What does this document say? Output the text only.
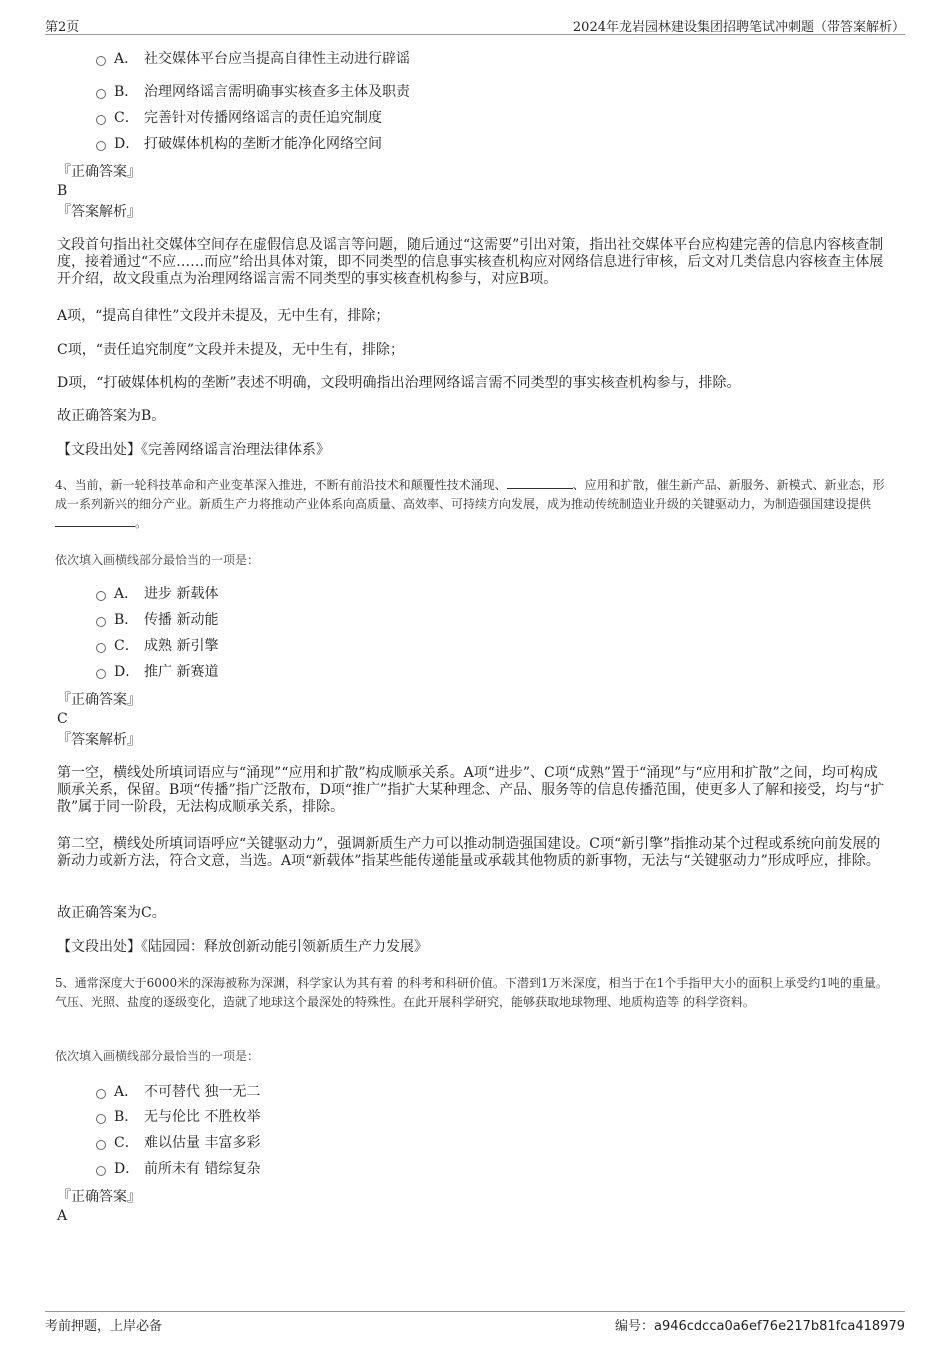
第2页	2024年龙岩园林建设集团招聘笔试冲刺题（带答案解析）
A． 社交媒体平台应当提高自律性主动进行辟谣
B． 治理网络谣言需明确事实核查多主体及职责
C． 完善针对传播网络谣言的责任追究制度
D． 打破媒体机构的垄断才能净化网络空间
『正确答案』
B
『答案解析』
文段首句指出社交媒体空间存在虚假信息及谣言等问题，随后通过“这需要”引出对策，指出社交媒体平台应构建完善的信息内容核查制度，接着通过“不应……而应”给出具体对策，即不同类型的信息事实核查机构应对网络信息进行审核，后文对几类信息内容核查主体展开介绍，故文段重点为治理网络谣言需不同类型的事实核查机构参与，对应B项。
A项，“提高自律性”文段并未提及，无中生有，排除；
C项，“责任追究制度”文段并未提及，无中生有，排除；
D项，“打破媒体机构的垄断”表述不明确，文段明确指出治理网络谣言需不同类型的事实核查机构参与，排除。
故正确答案为B。
【文段出处】《完善网络谣言治理法律体系》
4、当前，新一轮科技革命和产业变革深入推进，不断有前沿技术和颠覆性技术涌现、	、应用和扩散，催生新产品、新服务、新模式、新业态，形成一系列新兴的细分产业。新质生产力将推动产业体系向高质量、高效率、可持续方向发展，成为推动传统制造业升级的关键驱动力，为制造强国建设提供。
依次填入画横线部分最恰当的一项是：
A． 进步 新载体
B． 传播 新动能
C． 成熟 新引擎
D． 推广 新赛道
『正确答案』
C
『答案解析』
第一空，横线处所填词语应与“涌现”“应用和扩散”构成顺承关系。A项“进步”、C项“成熟”置于“涌现”与“应用和扩散”之间，均可构成顺承关系，保留。B项“传播”指广泛散布，D项“推广”指扩大某种理念、产品、服务等的信息传播范围，使更多人了解和接受，均与“扩散”属于同一阶段，无法构成顺承关系，排除。
第二空，横线处所填词语呼应“关键驱动力”，强调新质生产力可以推动制造强国建设。C项“新引擎”指推动某个过程或系统向前发展的新动力或新方法，符合文意，当选。A项“新载体”指某些能传递能量或承载其他物质的新事物，无法与“关键驱动力”形成呼应，排除。
故正确答案为C。
【文段出处】《陆园园：释放创新动能引领新质生产力发展》
5、通常深度大于6000米的深海被称为深渊，科学家认为其有着 的科考和科研价值。下潜到1万米深度，相当于在1个手指甲大小的面积上承受约1吨的重量。气压、光照、盐度的逐级变化，造就了地球这个最深处的特殊性。在此开展科学研究，能够获取地球物理、地质构造等 的科学资料。
依次填入画横线部分最恰当的一项是：
A． 不可替代 独一无二
B． 无与伦比 不胜枚举
C． 难以估量 丰富多彩
D． 前所未有 错综复杂
『正确答案』
A
考前押题，上岸必备	编号：a946cdcca0a6ef76e217b81fca418979
